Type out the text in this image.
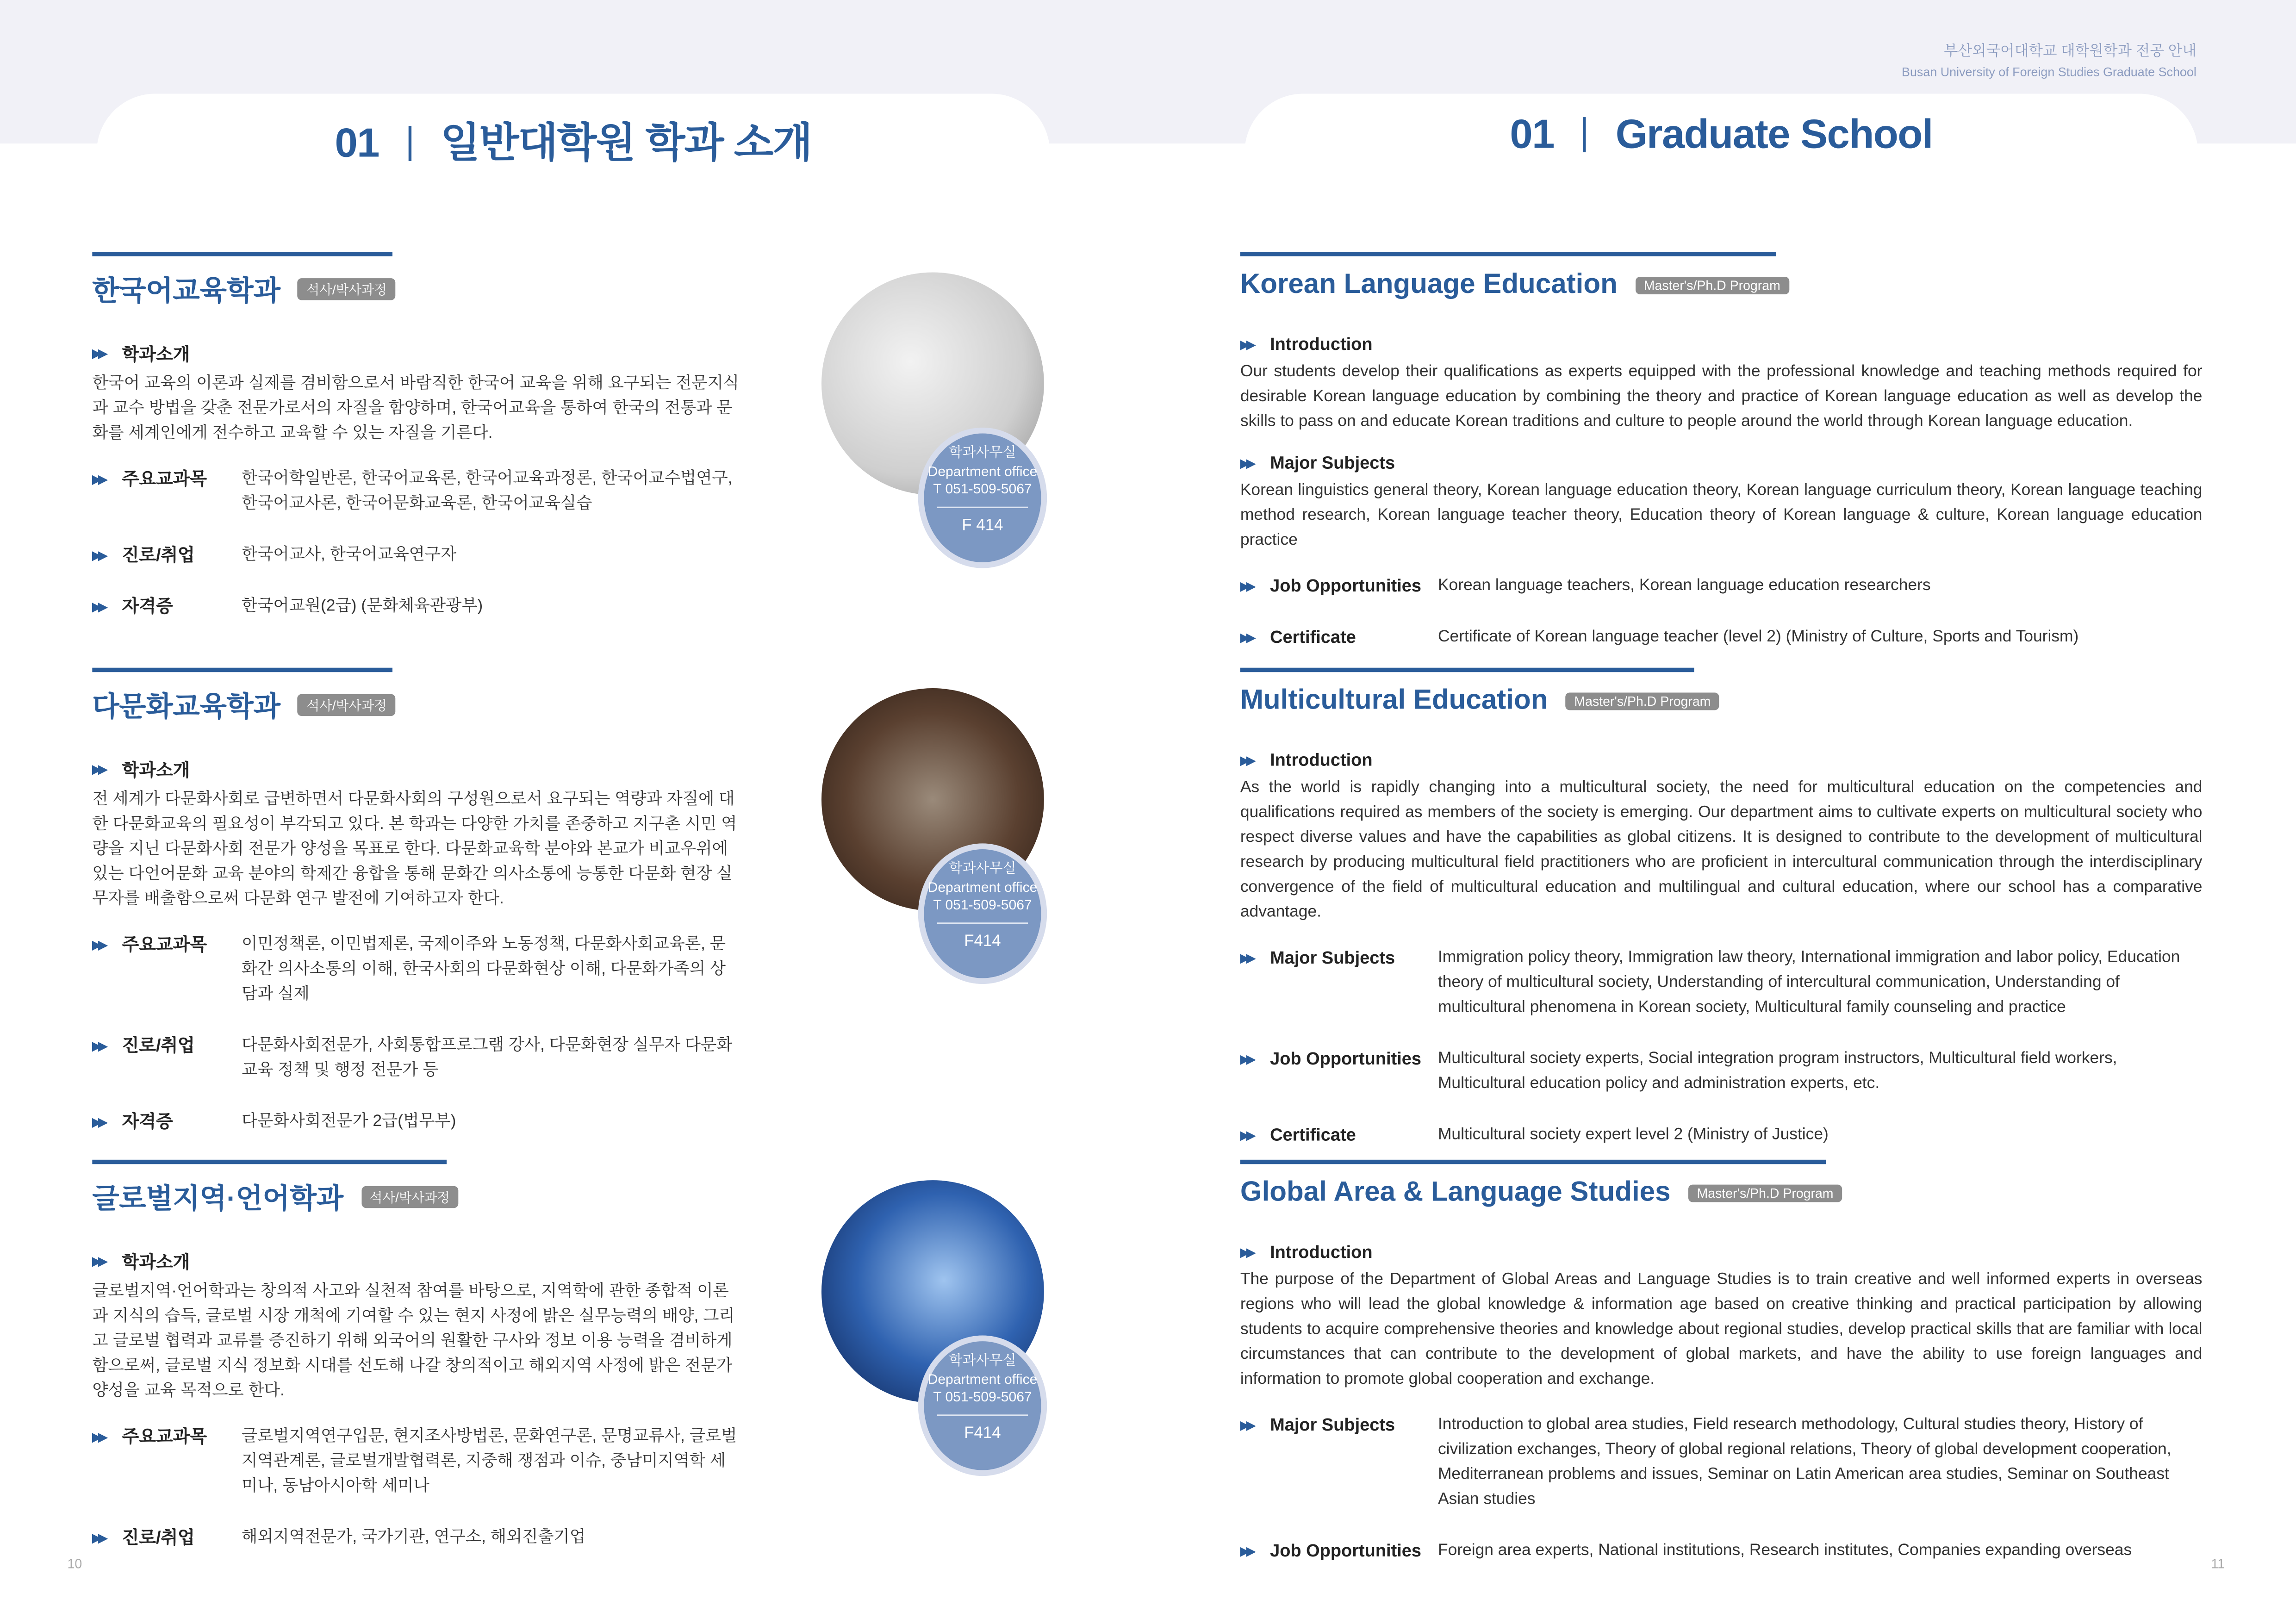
부산외국어대학교 대학원학과 전공 안내
Busan University of Foreign Studies Graduate School
01	일반대학원 학과 소개	01	Graduate School
한국어교육학과	석사/박사과정
▶▶	학과소개
한국어 교육의 이론과 실제를 겸비함으로서 바람직한 한국어 교육을 위해 요구되는 전문지식과 교수 방법을 갖춘 전문가로서의 자질을 함양하며, 한국어교육을 통하여 한국의 전통과 문화를 세계인에게 전수하고 교육할 수 있는 자질을 기른다.
▶▶	주요교과목	한국어학일반론, 한국어교육론, 한국어교육과정론, 한국어교수법연구, 한국어교사론, 한국어문화교육론, 한국어교육실습
▶▶	진로/취업	한국어교사, 한국어교육연구자
▶▶	자격증	한국어교원(2급) (문화체육관광부)
학과사무실
Department office
T 051-509-5067
F 414
다문화교육학과	석사/박사과정
▶▶	학과소개
전 세계가 다문화사회로 급변하면서 다문화사회의 구성원으로서 요구되는 역량과 자질에 대한 다문화교육의 필요성이 부각되고 있다. 본 학과는 다양한 가치를 존중하고 지구촌 시민 역량을 지닌 다문화사회 전문가 양성을 목표로 한다. 다문화교육학 분야와 본교가 비교우위에 있는 다언어문화 교육 분야의 학제간 융합을 통해 문화간 의사소통에 능통한 다문화 현장 실무자를 배출함으로써 다문화 연구 발전에 기여하고자 한다.
▶▶	주요교과목	이민정책론, 이민법제론, 국제이주와 노동정책, 다문화사회교육론, 문화간 의사소통의 이해, 한국사회의 다문화현상 이해, 다문화가족의 상담과 실제
▶▶	진로/취업	다문화사회전문가, 사회통합프로그램 강사, 다문화현장 실무자 다문화교육 정책 및 행정 전문가 등
▶▶	자격증	다문화사회전문가 2급(법무부)
학과사무실
Department office
T 051-509-5067
F414
글로벌지역·언어학과	석사/박사과정
▶▶	학과소개
글로벌지역·언어학과는 창의적 사고와 실천적 참여를 바탕으로, 지역학에 관한 종합적 이론과 지식의 습득, 글로벌 시장 개척에 기여할 수 있는 현지 사정에 밝은 실무능력의 배양, 그리고 글로벌 협력과 교류를 증진하기 위해 외국어의 원활한 구사와 정보 이용 능력을 겸비하게 함으로써, 글로벌 지식 정보화 시대를 선도해 나갈 창의적이고 해외지역 사정에 밝은 전문가 양성을 교육 목적으로 한다.
▶▶	주요교과목	글로벌지역연구입문, 현지조사방법론, 문화연구론, 문명교류사, 글로벌지역관계론, 글로벌개발협력론, 지중해 쟁점과 이슈, 중남미지역학 세미나, 동남아시아학 세미나
▶▶	진로/취업	해외지역전문가, 국가기관, 연구소, 해외진출기업
학과사무실
Department office
T 051-509-5067
F414
Korean Language Education	Master's/Ph.D Program
▶▶	Introduction
Our students develop their qualifications as experts equipped with the professional knowledge and teaching methods required for desirable Korean language education by combining the theory and practice of Korean language education as well as develop the skills to pass on and educate Korean traditions and culture to people around the world through Korean language education.
▶▶	Major Subjects
Korean linguistics general theory, Korean language education theory, Korean language curriculum theory, Korean language teaching method research, Korean language teacher theory, Education theory of Korean language & culture, Korean language education practice
▶▶	Job Opportunities	Korean language teachers, Korean language education researchers
▶▶	Certificate	Certificate of Korean language teacher (level 2) (Ministry of Culture, Sports and Tourism)
Multicultural Education	Master's/Ph.D Program
▶▶	Introduction
As the world is rapidly changing into a multicultural society, the need for multicultural education on the competencies and qualifications required as members of the society is emerging. Our department aims to cultivate experts on multicultural society who respect diverse values and have the capabilities as global citizens. It is designed to contribute to the development of multicultural research by producing multicultural field practitioners who are proficient in intercultural communication through the interdisciplinary convergence of the field of multicultural education and multilingual and cultural education, where our school has a comparative advantage.
▶▶	Major Subjects	Immigration policy theory, Immigration law theory, International immigration and labor policy, Education theory of multicultural society, Understanding of intercultural communication, Understanding of multicultural phenomena in Korean society, Multicultural family counseling and practice
▶▶	Job Opportunities	Multicultural society experts, Social integration program instructors, Multicultural field workers, Multicultural education policy and administration experts, etc.
▶▶	Certificate	Multicultural society expert level 2 (Ministry of Justice)
Global Area & Language Studies	Master's/Ph.D Program
▶▶	Introduction
The purpose of the Department of Global Areas and Language Studies is to train creative and well informed experts in overseas regions who will lead the global knowledge & information age based on creative thinking and practical participation by allowing students to acquire comprehensive theories and knowledge about regional studies, develop practical skills that are familiar with local circumstances that can contribute to the development of global markets, and have the ability to use foreign languages and information to promote global cooperation and exchange.
▶▶	Major Subjects	Introduction to global area studies, Field research methodology, Cultural studies theory, History of civilization exchanges, Theory of global regional relations, Theory of global development cooperation, Mediterranean problems and issues, Seminar on Latin American area studies, Seminar on Southeast Asian studies
▶▶	Job Opportunities	Foreign area experts, National institutions, Research institutes, Companies expanding overseas
10	11
